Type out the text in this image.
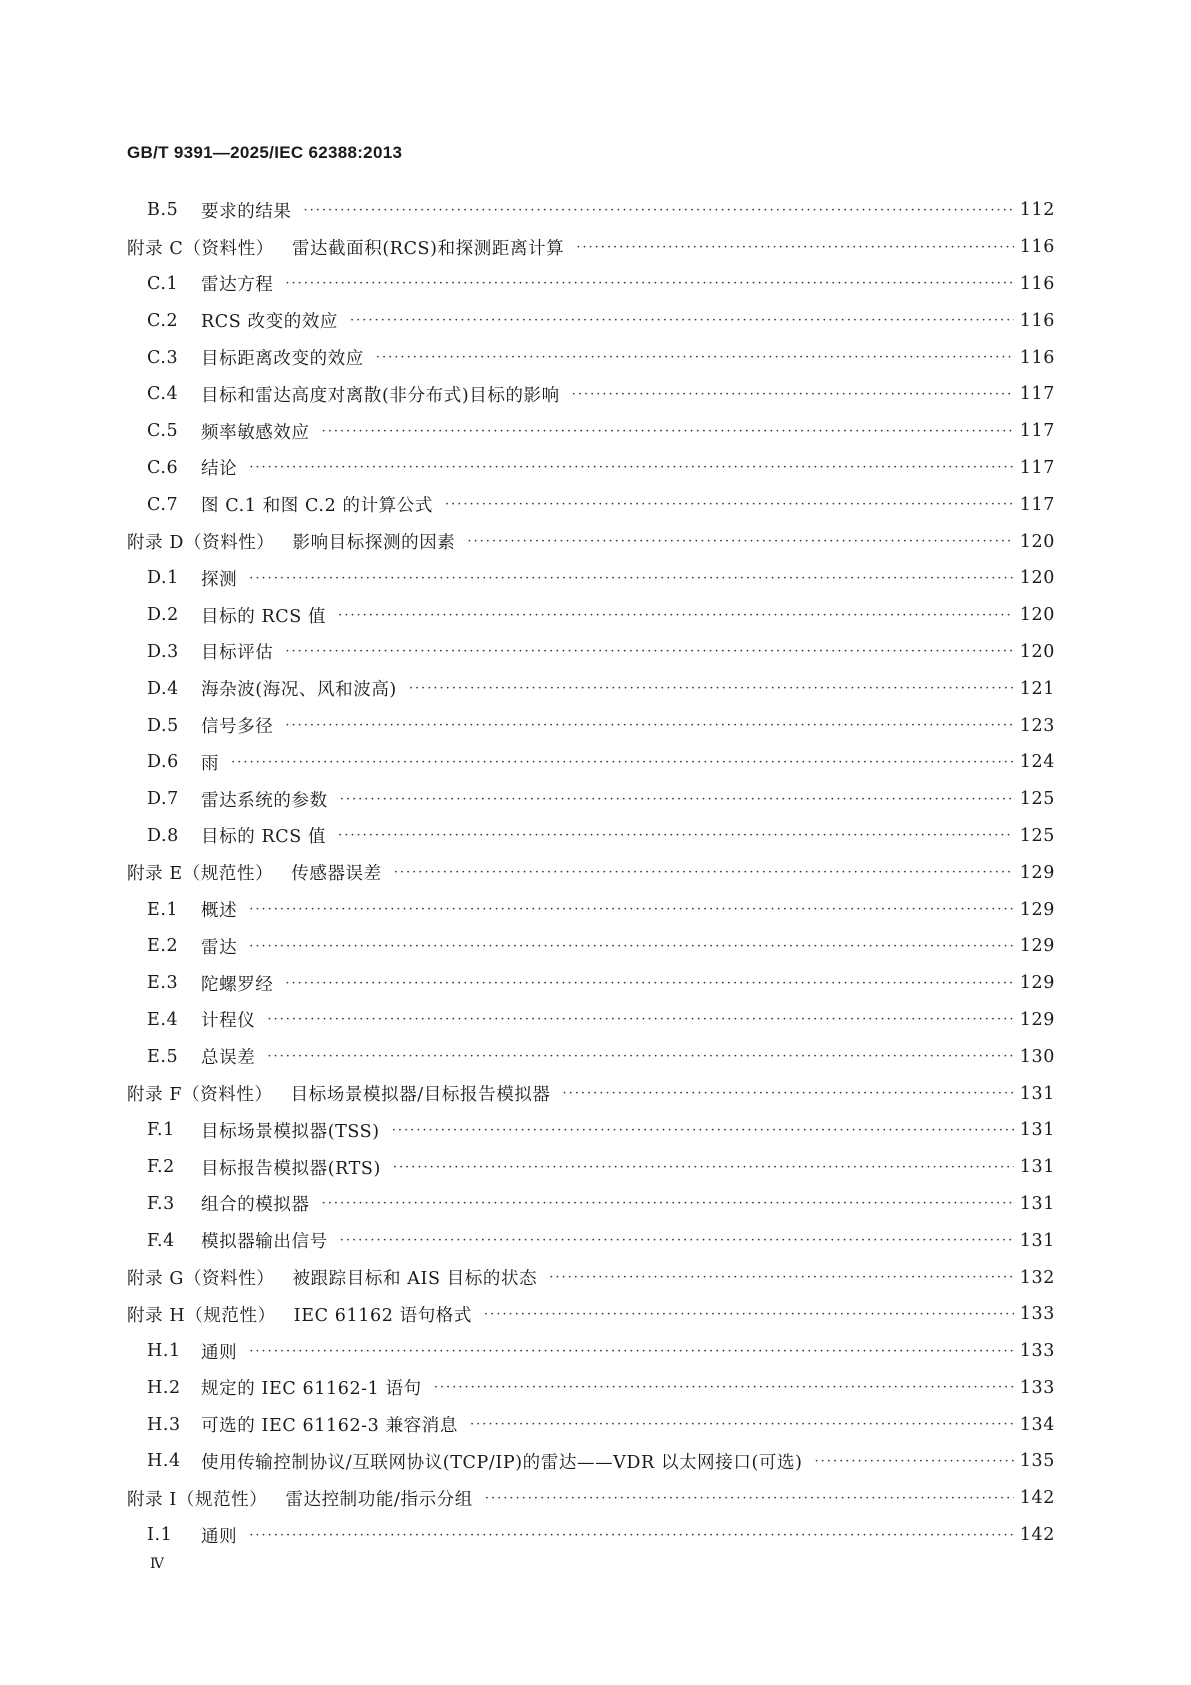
GB/T 9391—2025/IEC 62388:2013
B.5	要求的结果 ·····	112
附录 C（资料性） 雷达截面积(RCS)和探测距离计算 ·····	116
C.1	雷达方程 ·····	116
C.2	RCS 改变的效应 ·····	116
C.3	目标距离改变的效应 ·····	116
C.4	目标和雷达高度对离散(非分布式)目标的影响 ·····	117
C.5	频率敏感效应 ·····	117
C.6	结论 ·····	117
C.7	图 C.1 和图 C.2 的计算公式 ·····	117
附录 D（资料性） 影响目标探测的因素 ·····	120
D.1	探测 ·····	120
D.2	目标的 RCS 值 ·····	120
D.3	目标评估 ·····	120
D.4	海杂波(海况、风和波高) ·····	121
D.5	信号多径 ·····	123
D.6	雨 ·····	124
D.7	雷达系统的参数 ·····	125
D.8	目标的 RCS 值 ·····	125
附录 E（规范性） 传感器误差 ·····	129
E.1	概述 ·····	129
E.2	雷达 ·····	129
E.3	陀螺罗经 ·····	129
E.4	计程仪 ·····	129
E.5	总误差 ·····	130
附录 F（资料性） 目标场景模拟器/目标报告模拟器 ·····	131
F.1	目标场景模拟器(TSS) ·····	131
F.2	目标报告模拟器(RTS) ·····	131
F.3	组合的模拟器 ·····	131
F.4	模拟器输出信号 ·····	131
附录 G（资料性） 被跟踪目标和 AIS 目标的状态 ·····	132
附录 H（规范性） IEC 61162 语句格式 ·····	133
H.1	通则 ·····	133
H.2	规定的 IEC 61162-1 语句 ·····	133
H.3	可选的 IEC 61162-3 兼容消息 ·····	134
H.4	使用传输控制协议/互联网协议(TCP/IP)的雷达——VDR 以太网接口(可选) ·····	135
附录 I（规范性） 雷达控制功能/指示分组 ·····	142
I.1	通则 ·····	142
Ⅳ
